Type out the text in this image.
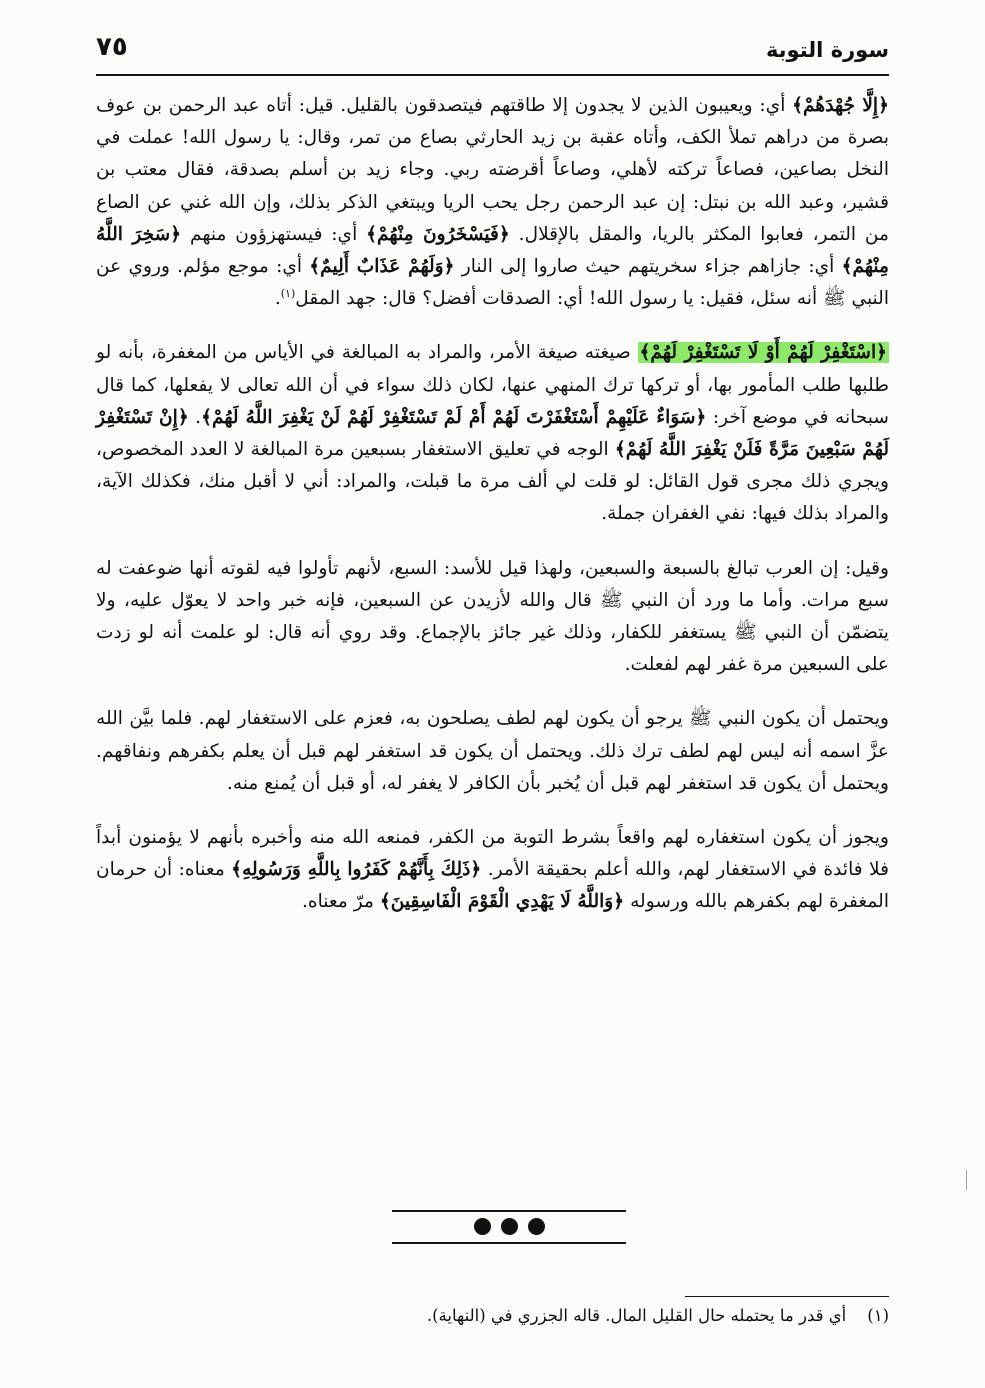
سورة التوبة
٧٥

﴿إِلَّا جُهْدَهُمْ﴾ أي: ويعيبون الذين لا يجدون إلا طاقتهم فيتصدقون بالقليل. قيل: أتاه عبد الرحمن بن عوف بصرة من دراهم تملأ الكف، وأتاه عقبة بن زيد الحارثي بصاع من تمر، وقال: يا رسول الله! عملت في النخل بصاعين، فصاعاً تركته لأهلي، وصاعاً أقرضته ربي. وجاء زيد بن أسلم بصدقة، فقال معتب بن قشير، وعبد الله بن نبتل: إن عبد الرحمن رجل يحب الريا ويبتغي الذكر بذلك، وإن الله غني عن الصاع من التمر، فعابوا المكثر بالريا، والمقل بالإقلال. ﴿فَيَسْخَرُونَ مِنْهُمْ﴾ أي: فيستهزؤون منهم ﴿سَخِرَ اللَّهُ مِنْهُمْ﴾ أي: جازاهم جزاء سخريتهم حيث صاروا إلى النار ﴿وَلَهُمْ عَذَابٌ أَلِيمٌ﴾ أي: موجع مؤلم. وروي عن النبي ﷺ أنه سئل، فقيل: يا رسول الله! أي: الصدقات أفضل؟ قال: جهد المقل$^{(١)}$.

﴿اسْتَغْفِرْ لَهُمْ أَوْ لَا تَسْتَغْفِرْ لَهُمْ﴾ صيغته صيغة الأمر، والمراد به المبالغة في الأياس من المغفرة، بأنه لو طلبها طلب المأمور بها، أو تركها ترك المنهي عنها، لكان ذلك سواء في أن الله تعالى لا يفعلها، كما قال سبحانه في موضع آخر: ﴿سَوَاءٌ عَلَيْهِمْ أَسْتَغْفَرْتَ لَهُمْ أَمْ لَمْ تَسْتَغْفِرْ لَهُمْ لَنْ يَغْفِرَ اللَّهُ لَهُمْ﴾. ﴿إِنْ تَسْتَغْفِرْ لَهُمْ سَبْعِينَ مَرَّةً فَلَنْ يَغْفِرَ اللَّهُ لَهُمْ﴾ الوجه في تعليق الاستغفار بسبعين مرة المبالغة لا العدد المخصوص، ويجري ذلك مجرى قول القائل: لو قلت لي ألف مرة ما قبلت، والمراد: أني لا أقبل منك، فكذلك الآية، والمراد بذلك فيها: نفي الغفران جملة.

وقيل: إن العرب تبالغ بالسبعة والسبعين، ولهذا قيل للأسد: السبع، لأنهم تأولوا فيه لقوته أنها ضوعفت له سبع مرات. وأما ما ورد أن النبي ﷺ قال والله لأزيدن عن السبعين، فإنه خبر واحد لا يعوّل عليه، ولا يتضمّن أن النبي ﷺ يستغفر للكفار، وذلك غير جائز بالإجماع. وقد روي أنه قال: لو علمت أنه لو زدت على السبعين مرة غفر لهم لفعلت.

ويحتمل أن يكون النبي ﷺ يرجو أن يكون لهم لطف يصلحون به، فعزم على الاستغفار لهم. فلما بيَّن الله عزَّ اسمه أنه ليس لهم لطف ترك ذلك. ويحتمل أن يكون قد استغفر لهم قبل أن يعلم بكفرهم ونفاقهم. ويحتمل أن يكون قد استغفر لهم قبل أن يُخبر بأن الكافر لا يغفر له، أو قبل أن يُمنع منه.

ويجوز أن يكون استغفاره لهم واقعاً بشرط التوبة من الكفر، فمنعه الله منه وأخبره بأنهم لا يؤمنون أبداً فلا فائدة في الاستغفار لهم، والله أعلم بحقيقة الأمر. ﴿ذَلِكَ بِأَنَّهُمْ كَفَرُوا بِاللَّهِ وَرَسُولِهِ﴾ معناه: أن حرمان المغفرة لهم بكفرهم بالله ورسوله ﴿وَاللَّهُ لَا يَهْدِي الْقَوْمَ الْفَاسِقِينَ﴾ مرّ معناه.

(١)    أي قدر ما يحتمله حال القليل المال. قاله الجزري في (النهاية).
